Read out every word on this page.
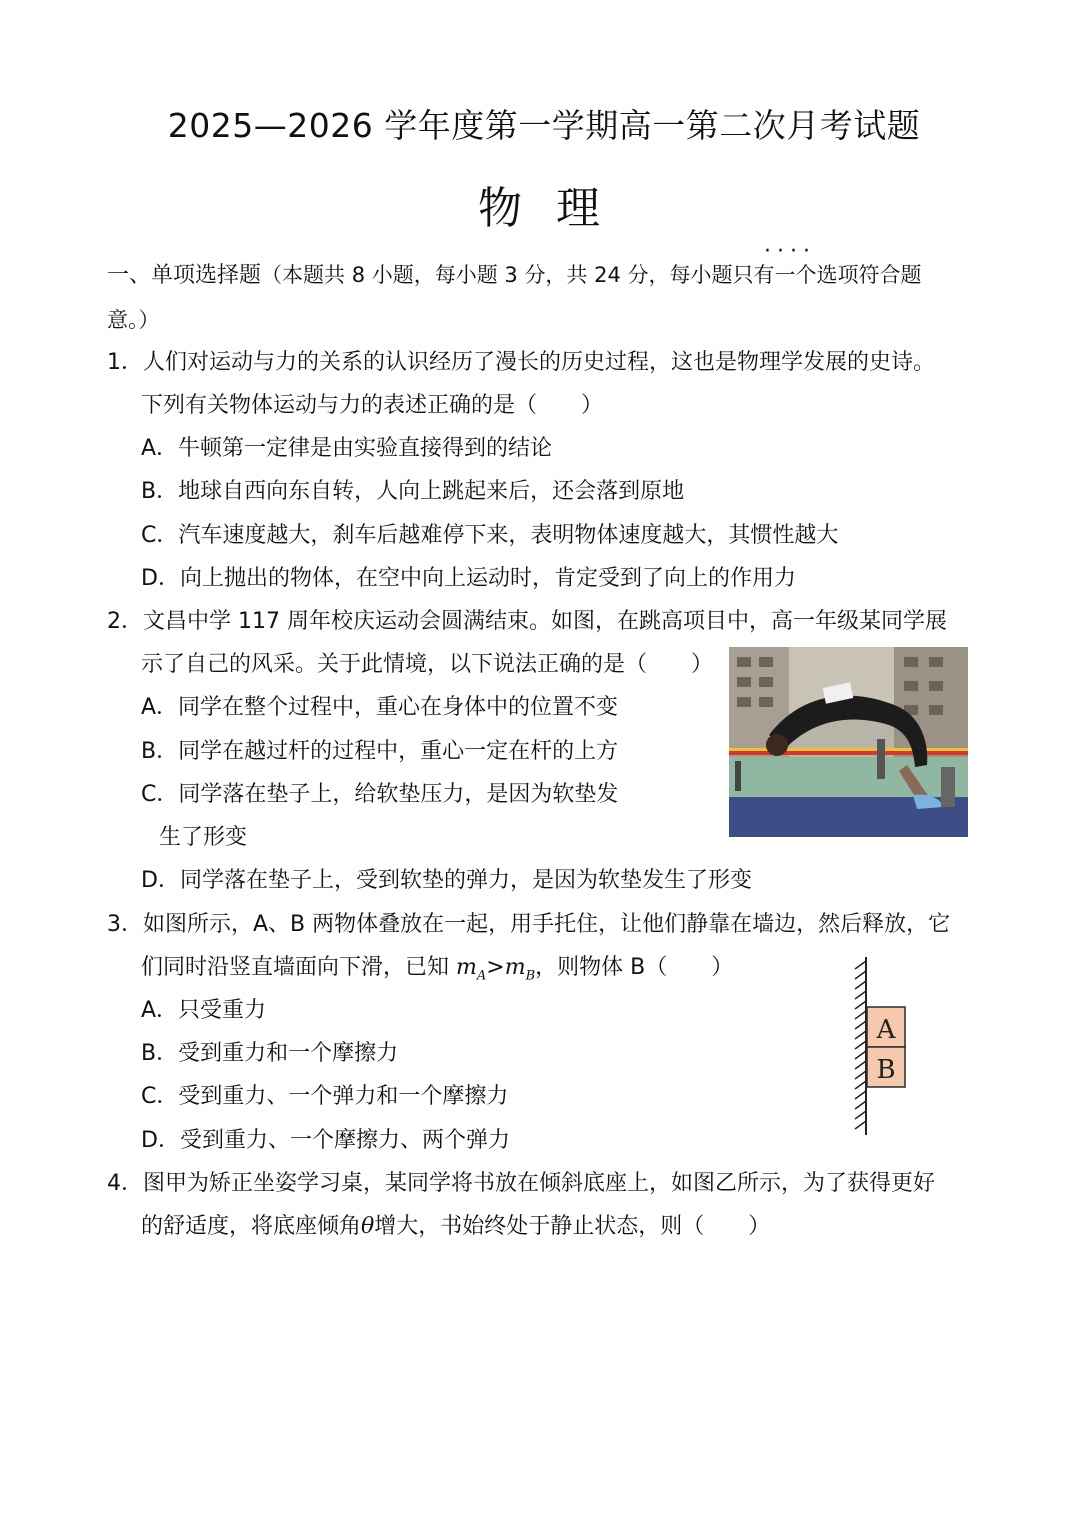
2025—2026 学年度第一学期高一第二次月考试题
物 理
····
一、单项选择题（本题共 8 小题，每小题 3 分，共 24 分，每小题只有一个选项符合题
意。）
1．人们对运动与力的关系的认识经历了漫长的历史过程，这也是物理学发展的史诗。
下列有关物体运动与力的表述正确的是（　　）
A．牛顿第一定律是由实验直接得到的结论
B．地球自西向东自转，人向上跳起来后，还会落到原地
C．汽车速度越大，刹车后越难停下来，表明物体速度越大，其惯性越大
D．向上抛出的物体，在空中向上运动时，肯定受到了向上的作用力
2．文昌中学 117 周年校庆运动会圆满结束。如图，在跳高项目中，高一年级某同学展
示了自己的风采。关于此情境，以下说法正确的是（　　）
A．同学在整个过程中，重心在身体中的位置不变
B．同学在越过杆的过程中，重心一定在杆的上方
C．同学落在垫子上，给软垫压力，是因为软垫发
生了形变
D．同学落在垫子上，受到软垫的弹力，是因为软垫发生了形变
3．如图所示，A、B 两物体叠放在一起，用手托住，让他们静靠在墙边，然后释放，它
们同时沿竖直墙面向下滑，已知 $m_A>m_B$，则物体 B（　　）
A．只受重力
B．受到重力和一个摩擦力
C．受到重力、一个弹力和一个摩擦力
D．受到重力、一个摩擦力、两个弹力
A
B
4．图甲为矫正坐姿学习桌，某同学将书放在倾斜底座上，如图乙所示，为了获得更好
的舒适度，将底座倾角θ增大，书始终处于静止状态，则（　　）
